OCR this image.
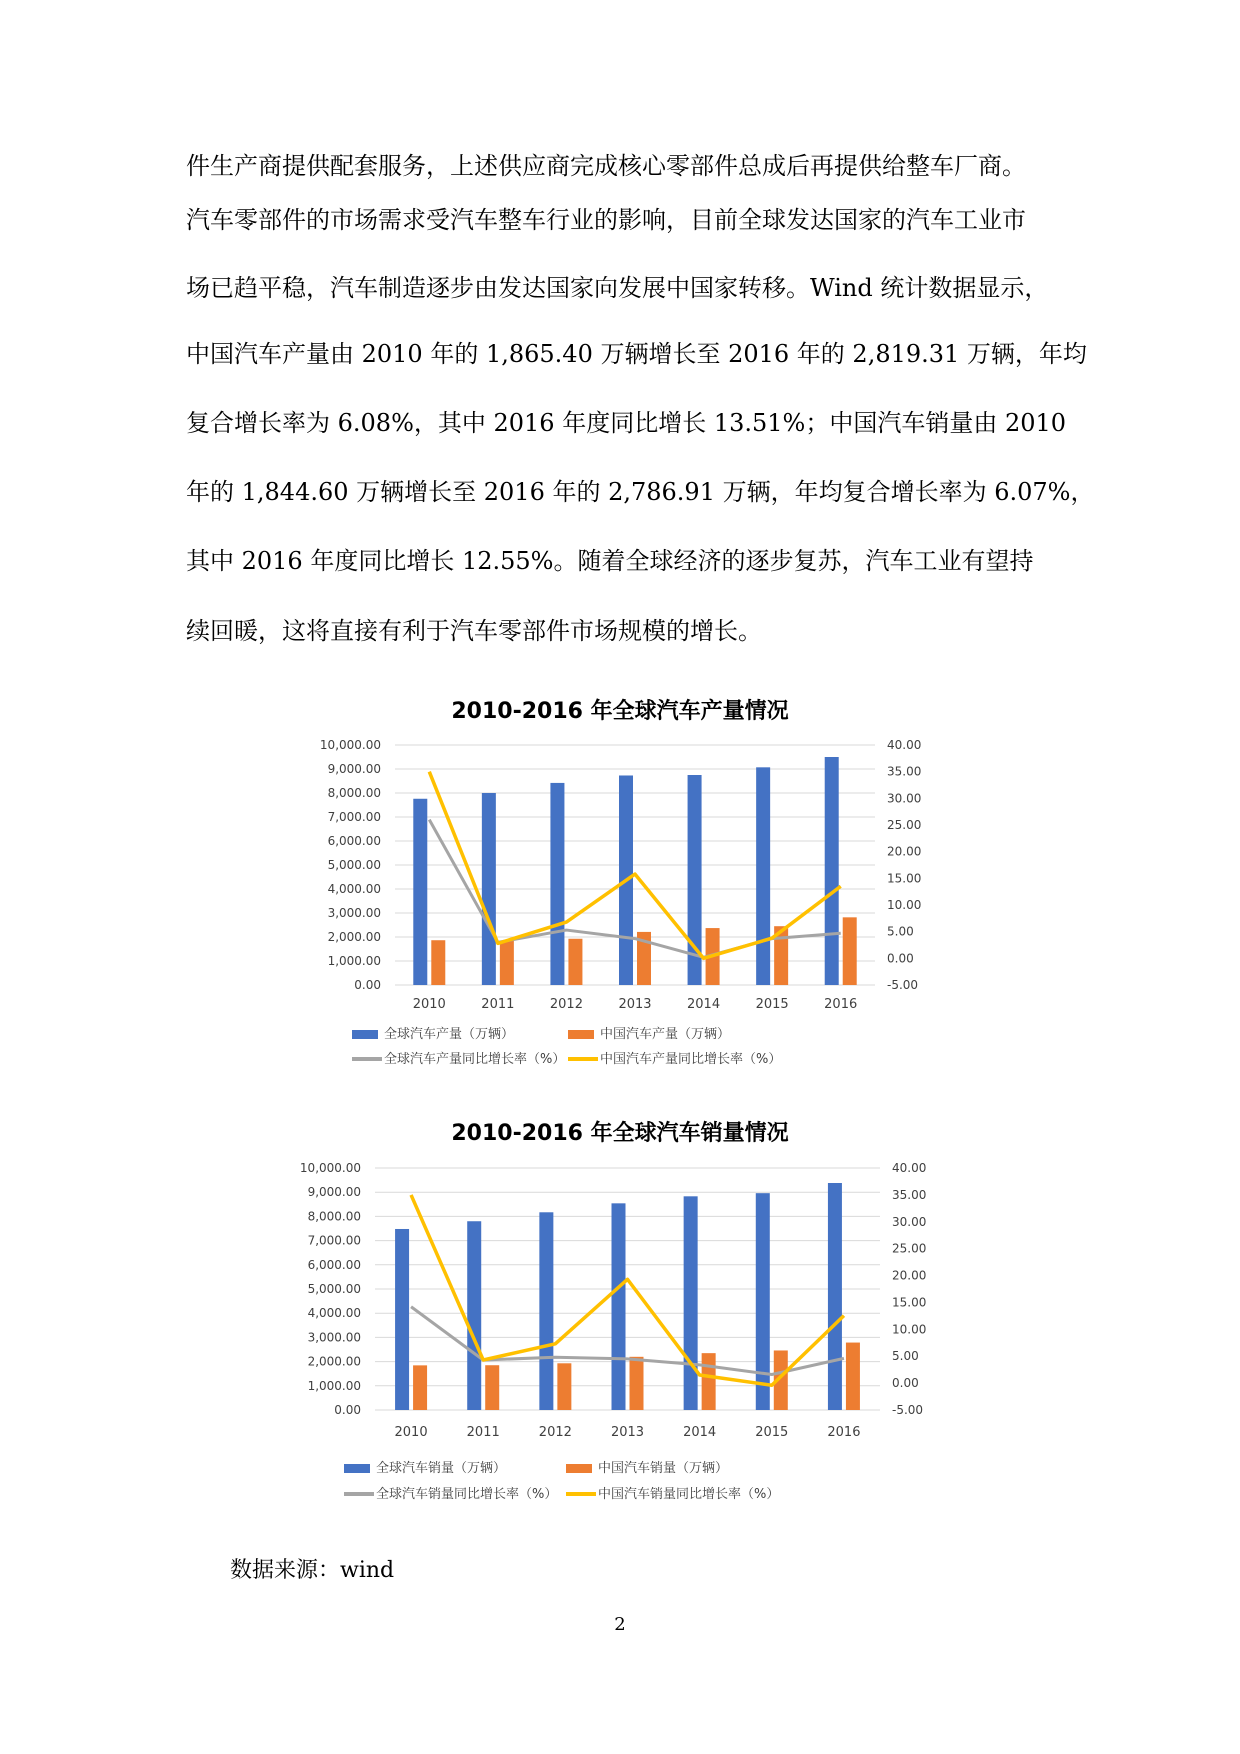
件生产商提供配套服务，上述供应商完成核心零部件总成后再提供给整车厂商。
汽车零部件的市场需求受汽车整车行业的影响，目前全球发达国家的汽车工业市
场已趋平稳，汽车制造逐步由发达国家向发展中国家转移。Wind 统计数据显示，
中国汽车产量由 2010 年的 1,865.40 万辆增长至 2016 年的 2,819.31 万辆，年均
复合增长率为 6.08%，其中 2016 年度同比增长 13.51%；中国汽车销量由 2010
年的 1,844.60 万辆增长至 2016 年的 2,786.91 万辆，年均复合增长率为 6.07%，
其中 2016 年度同比增长 12.55%。随着全球经济的逐步复苏，汽车工业有望持
续回暖，这将直接有利于汽车零部件市场规模的增长。
2010-2016 年全球汽车产量情况
10,000.00
9,000.00
8,000.00
7,000.00
6,000.00
5,000.00
4,000.00
3,000.00
2,000.00
1,000.00
0.00
40.00
35.00
30.00
25.00
20.00
15.00
10.00
5.00
0.00
-5.00
2010	2011	2012	2013	2014	2015	2016
全球汽车产量（万辆）	中国汽车产量（万辆）
全球汽车产量同比增长率（%）	中国汽车产量同比增长率（%）
2010-2016 年全球汽车销量情况
10,000.00
9,000.00
8,000.00
7,000.00
6,000.00
5,000.00
4,000.00
3,000.00
2,000.00
1,000.00
0.00
40.00
35.00
30.00
25.00
20.00
15.00
10.00
5.00
0.00
-5.00
2010	2011	2012	2013	2014	2015	2016
全球汽车销量（万辆）	中国汽车销量（万辆）
全球汽车销量同比增长率（%）	中国汽车销量同比增长率（%）
数据来源：wind
2
